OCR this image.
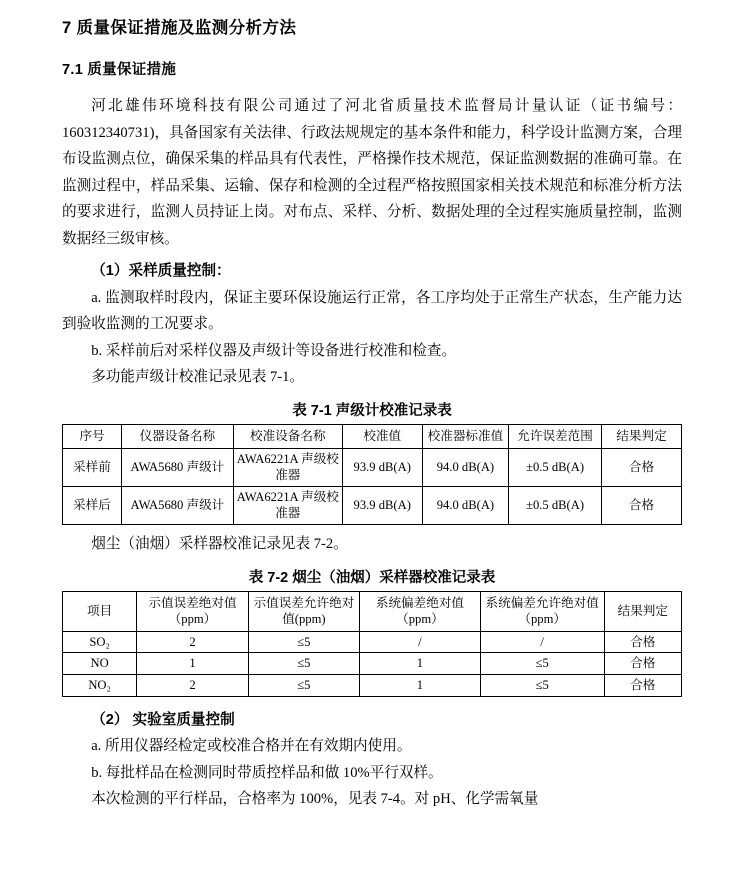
7 质量保证措施及监测分析方法
7.1 质量保证措施

河北雄伟环境科技有限公司通过了河北省质量技术监督局计量认证（证书编号：160312340731)，具备国家有关法律、行政法规规定的基本条件和能力，科学设计监测方案，合理布设监测点位，确保采集的样品具有代表性，严格操作技术规范，保证监测数据的准确可靠。在监测过程中，样品采集、运输、保存和检测的全过程严格按照国家相关技术规范和标准分析方法的要求进行，监测人员持证上岗。对布点、采样、分析、数据处理的全过程实施质量控制，监测数据经三级审核。

（1）采样质量控制：

a. 监测取样时段内，保证主要环保设施运行正常，各工序均处于正常生产状态，生产能力达到验收监测的工况要求。

b. 采样前后对采样仪器及声级计等设备进行校准和检查。

多功能声级计校准记录见表 7-1。

表 7-1 声级计校准记录表
序号	仪器设备名称	校准设备名称	校准值	校准器标准值	允许误差范围	结果判定
采样前	AWA5680 声级计	AWA6221A 声级校准器	93.9 dB(A)	94.0 dB(A)	±0.5 dB(A)	合格
采样后	AWA5680 声级计	AWA6221A 声级校准器	93.9 dB(A)	94.0 dB(A)	±0.5 dB(A)	合格

烟尘（油烟）采样器校准记录见表 7-2。

表 7-2 烟尘（油烟）采样器校准记录表
项目	示值误差绝对值（ppm）	示值误差允许绝对值(ppm)	系统偏差绝对值（ppm）	系统偏差允许绝对值（ppm）	结果判定
SO₂	2	≤5	/	/	合格
NO	1	≤5	1	≤5	合格
NO₂	2	≤5	1	≤5	合格

（2） 实验室质量控制

a. 所用仪器经检定或校准合格并在有效期内使用。

b. 每批样品在检测同时带质控样品和做 10%平行双样。

本次检测的平行样品，合格率为 100%，见表 7-4。对 pH、化学需氧量
